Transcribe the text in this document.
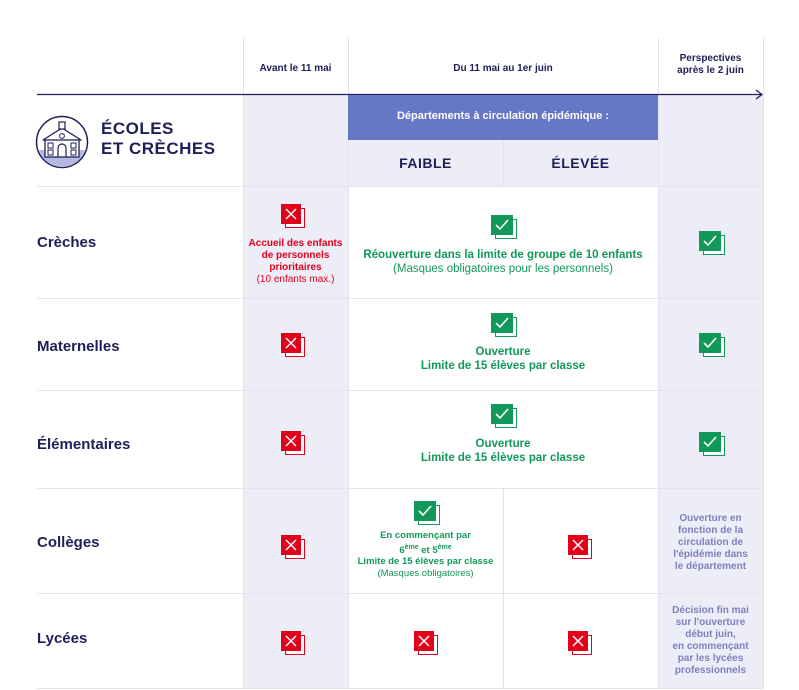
Avant le 11 mai	Du 11 mai au 1er juin
Perspectives
après le 2 juin
Départements à circulation épidémique :
FAIBLE	ÉLEVÉE
ÉCOLES
ET CRÈCHES
Crèches
Maternelles
Élémentaires
Collèges
Lycées
Accueil des enfants
de personnels
prioritaires
(10 enfants max.)
Réouverture dans la limite de groupe de 10 enfants
(Masques obligatoires pour les personnels)
Ouverture
Limite de 15 élèves par classe
Ouverture
Limite de 15 élèves par classe
En commençant par
6ème et 5ème
Limite de 15 élèves par classe
(Masques obligatoires)
Ouverture en
fonction de la
circulation de
l'épidémie dans
le département
Décision fin mai
sur l'ouverture
début juin,
en commençant
par les lycées
professionnels
